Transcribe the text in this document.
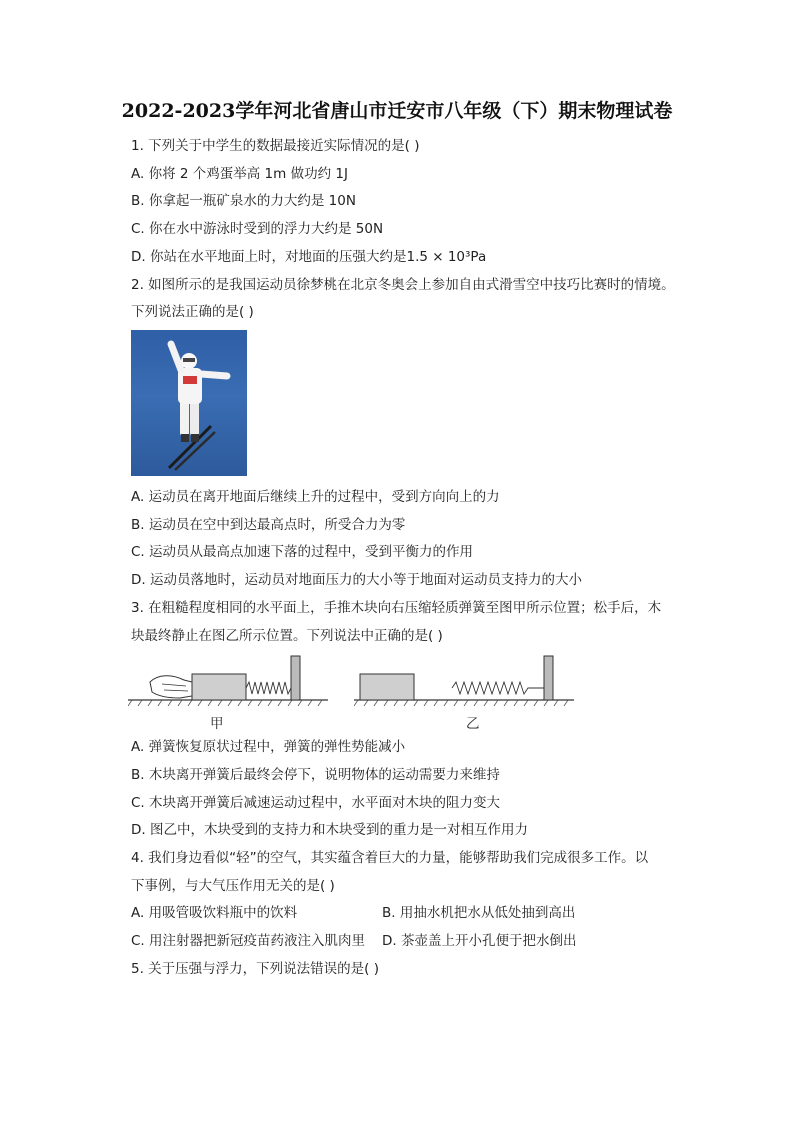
2022-2023学年河北省唐山市迁安市八年级（下）期末物理试卷
1. 下列关于中学生的数据最接近实际情况的是( )
A. 你将 2 个鸡蛋举高 1m 做功约 1J
B. 你拿起一瓶矿泉水的力大约是 10N
C. 你在水中游泳时受到的浮力大约是 50N
D. 你站在水平地面上时，对地面的压强大约是1.5 × 10³Pa
2. 如图所示的是我国运动员徐梦桃在北京冬奥会上参加自由式滑雪空中技巧比赛时的情境。
下列说法正确的是( )
A. 运动员在离开地面后继续上升的过程中，受到方向向上的力
B. 运动员在空中到达最高点时，所受合力为零
C. 运动员从最高点加速下落的过程中，受到平衡力的作用
D. 运动员落地时，运动员对地面压力的大小等于地面对运动员支持力的大小
3. 在粗糙程度相同的水平面上，手推木块向右压缩轻质弹簧至图甲所示位置；松手后，木
块最终静止在图乙所示位置。下列说法中正确的是( )
甲	乙
A. 弹簧恢复原状过程中，弹簧的弹性势能减小
B. 木块离开弹簧后最终会停下，说明物体的运动需要力来维持
C. 木块离开弹簧后减速运动过程中，水平面对木块的阻力变大
D. 图乙中，木块受到的支持力和木块受到的重力是一对相互作用力
4. 我们身边看似“轻”的空气，其实蕴含着巨大的力量，能够帮助我们完成很多工作。以
下事例，与大气压作用无关的是( )
A. 用吸管吸饮料瓶中的饮料	B. 用抽水机把水从低处抽到高出
C. 用注射器把新冠疫苗药液注入肌肉里 D. 茶壶盖上开小孔便于把水倒出
5. 关于压强与浮力，下列说法错误的是( )
